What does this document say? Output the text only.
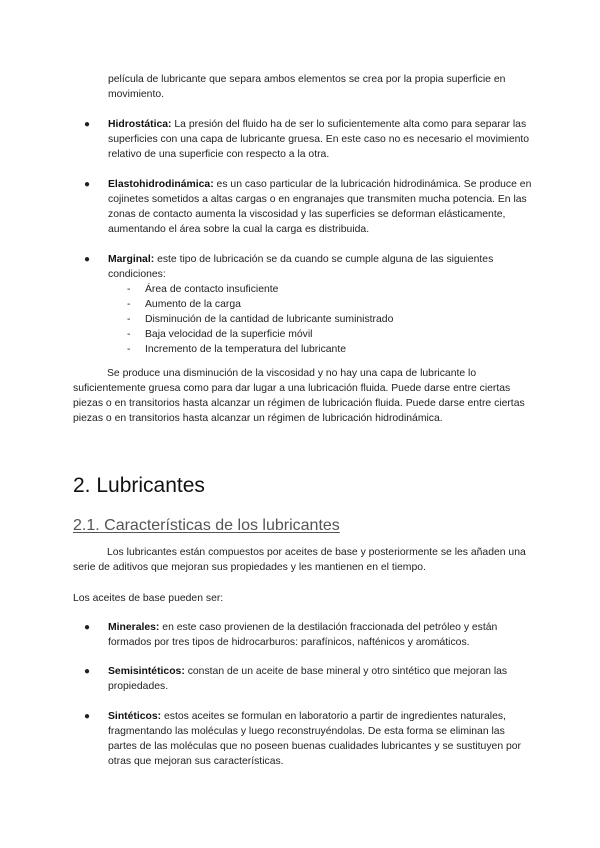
película de lubricante que separa ambos elementos se crea por la propia superficie en movimiento.

● Hidrostática: La presión del fluido ha de ser lo suficientemente alta como para separar las superficies con una capa de lubricante gruesa. En este caso no es necesario el movimiento relativo de una superficie con respecto a la otra.
● Elastohidrodinámica: es un caso particular de la lubricación hidrodinámica. Se produce en cojinetes sometidos a altas cargas o en engranajes que transmiten mucha potencia. En las zonas de contacto aumenta la viscosidad y las superficies se deforman elásticamente, aumentando el área sobre la cual la carga es distribuida.
● Marginal: este tipo de lubricación se da cuando se cumple alguna de las siguientes condiciones:
- Área de contacto insuficiente
- Aumento de la carga
- Disminución de la cantidad de lubricante suministrado
- Baja velocidad de la superficie móvil
- Incremento de la temperatura del lubricante

Se produce una disminución de la viscosidad y no hay una capa de lubricante lo suficientemente gruesa como para dar lugar a una lubricación fluida. Puede darse entre ciertas piezas o en transitorios hasta alcanzar un régimen de lubricación fluida. Puede darse entre ciertas piezas o en transitorios hasta alcanzar un régimen de lubricación hidrodinámica.

2. Lubricantes
2.1. Características de los lubricantes

Los lubricantes están compuestos por aceites de base y posteriormente se les añaden una serie de aditivos que mejoran sus propiedades y les mantienen en el tiempo.

Los aceites de base pueden ser:

● Minerales: en este caso provienen de la destilación fraccionada del petróleo y están formados por tres tipos de hidrocarburos: parafínicos, nafténicos y aromáticos.
● Semisintéticos: constan de un aceite de base mineral y otro sintético que mejoran las propiedades.
● Sintéticos: estos aceites se formulan en laboratorio a partir de ingredientes naturales, fragmentando las moléculas y luego reconstruyéndolas. De esta forma se eliminan las partes de las moléculas que no poseen buenas cualidades lubricantes y se sustituyen por otras que mejoran sus características.
